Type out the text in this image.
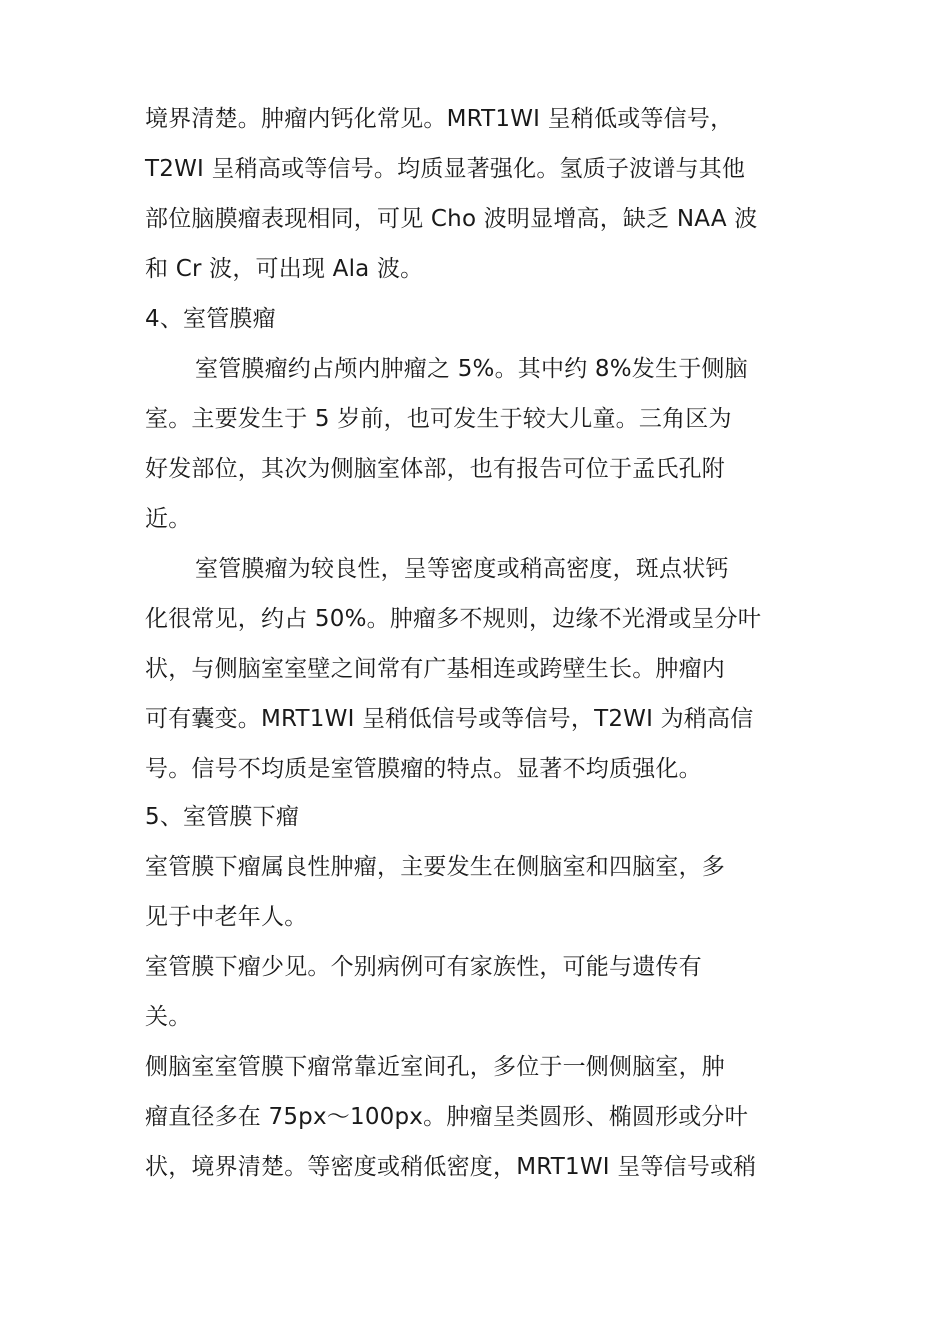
境界清楚。肿瘤内钙化常见。MRT1WI 呈稍低或等信号，
T2WI 呈稍高或等信号。均质显著强化。氢质子波谱与其他
部位脑膜瘤表现相同，可见 Cho 波明显增高，缺乏 NAA 波
和 Cr 波，可出现 Ala 波。
4、室管膜瘤
室管膜瘤约占颅内肿瘤之 5%。其中约 8%发生于侧脑
室。主要发生于 5 岁前，也可发生于较大儿童。三角区为
好发部位，其次为侧脑室体部，也有报告可位于孟氏孔附
近。
室管膜瘤为较良性，呈等密度或稍高密度，斑点状钙
化很常见，约占 50%。肿瘤多不规则，边缘不光滑或呈分叶
状，与侧脑室室壁之间常有广基相连或跨壁生长。肿瘤内
可有囊变。MRT1WI 呈稍低信号或等信号，T2WI 为稍高信
号。信号不均质是室管膜瘤的特点。显著不均质强化。
5、室管膜下瘤
室管膜下瘤属良性肿瘤，主要发生在侧脑室和四脑室，多
见于中老年人。
室管膜下瘤少见。个别病例可有家族性，可能与遗传有
关。
侧脑室室管膜下瘤常靠近室间孔，多位于一侧侧脑室，肿
瘤直径多在 75px～100px。肿瘤呈类圆形、椭圆形或分叶
状，境界清楚。等密度或稍低密度，MRT1WI 呈等信号或稍
